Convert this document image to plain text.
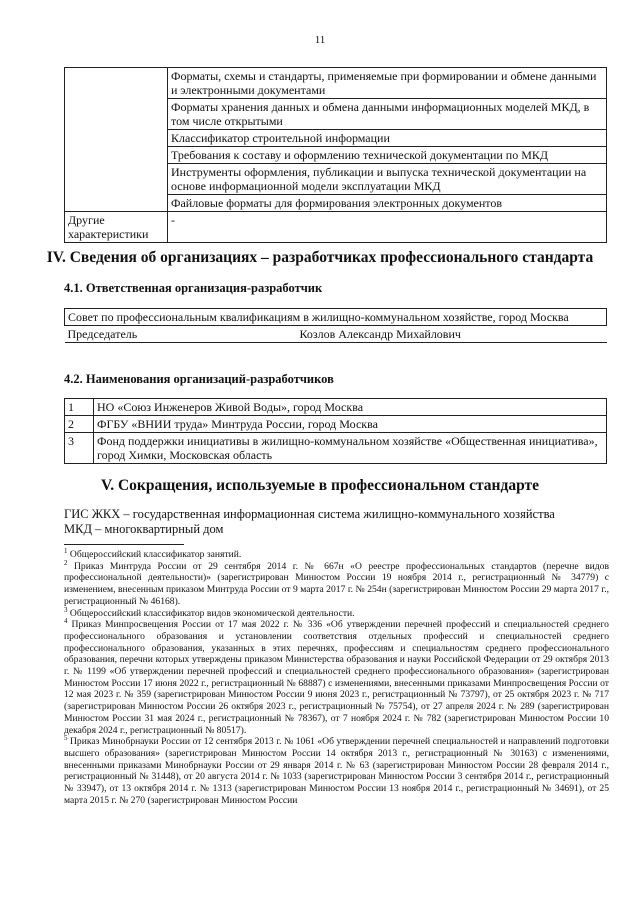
11
	Форматы, схемы и стандарты, применяемые при формировании и обмене данными и электронными документами
	Форматы хранения данных и обмена данными информационных моделей МКД, в том числе открытыми
	Классификатор строительной информации
	Требования к составу и оформлению технической документации по МКД
	Инструменты оформления, публикации и выпуска технической документации на основе информационной модели эксплуатации МКД
	Файловые форматы для формирования электронных документов
Другие характеристики	-
IV. Сведения об организациях – разработчиках профессионального стандарта
4.1. Ответственная организация-разработчик
Совет по профессиональным квалификациям в жилищно-коммунальном хозяйстве, город Москва

Председатель	Козлов Александр Михайлович
4.2. Наименования организаций-разработчиков
1	НО «Союз Инженеров Живой Воды», город Москва
2	ФГБУ «ВНИИ труда» Минтруда России, город Москва
3	Фонд поддержки инициативы в жилищно-коммунальном хозяйстве «Общественная инициатива», город Химки, Московская область
V. Сокращения, используемые в профессиональном стандарте
ГИС ЖКХ – государственная информационная система жилищно-коммунального хозяйства
МКД – многоквартирный дом

$^1$ Общероссийский классификатор занятий.

$^2$ Приказ Минтруда России от 29 сентября 2014 г. № 667н «О реестре профессиональных стандартов (перечне видов профессиональной деятельности)» (зарегистрирован Минюстом России 19 ноября 2014 г., регистрационный № 34779) с изменением, внесенным приказом Минтруда России от 9 марта 2017 г. № 254н (зарегистрирован Минюстом России 29 марта 2017 г., регистрационный № 46168).

$^3$ Общероссийский классификатор видов экономической деятельности.

$^4$ Приказ Минпросвещения России от 17 мая 2022 г. № 336 «Об утверждении перечней профессий и специальностей среднего профессионального образования и установлении соответствия отдельных профессий и специальностей среднего профессионального образования, указанных в этих перечнях, профессиям и специальностям среднего профессионального образования, перечни которых утверждены приказом Министерства образования и науки Российской Федерации от 29 октября 2013 г. № 1199 «Об утверждении перечней профессий и специальностей среднего профессионального образования» (зарегистрирован Минюстом России 17 июня 2022 г., регистрационный № 68887) с изменениями, внесенными приказами Минпросвещения России от 12 мая 2023 г. № 359 (зарегистрирован Минюстом России 9 июня 2023 г., регистрационный № 73797), от 25 октября 2023 г. № 717 (зарегистрирован Минюстом России 26 октября 2023 г., регистрационный № 75754), от 27 апреля 2024 г. № 289 (зарегистрирован Минюстом России 31 мая 2024 г., регистрационный № 78367), от 7 ноября 2024 г. № 782 (зарегистрирован Минюстом России 10 декабря 2024 г., регистрационный № 80517).

$^5$ Приказ Минобрнауки России от 12 сентября 2013 г. № 1061 «Об утверждении перечней специальностей и направлений подготовки высшего образования» (зарегистрирован Минюстом России 14 октября 2013 г., регистрационный № 30163) с изменениями, внесенными приказами Минобрнауки России от 29 января 2014 г. № 63 (зарегистрирован Минюстом России 28 февраля 2014 г., регистрационный № 31448), от 20 августа 2014 г. № 1033 (зарегистрирован Минюстом России 3 сентября 2014 г., регистрационный № 33947), от 13 октября 2014 г. № 1313 (зарегистрирован Минюстом России 13 ноября 2014 г., регистрационный № 34691), от 25 марта 2015 г. № 270 (зарегистрирован Минюстом России
